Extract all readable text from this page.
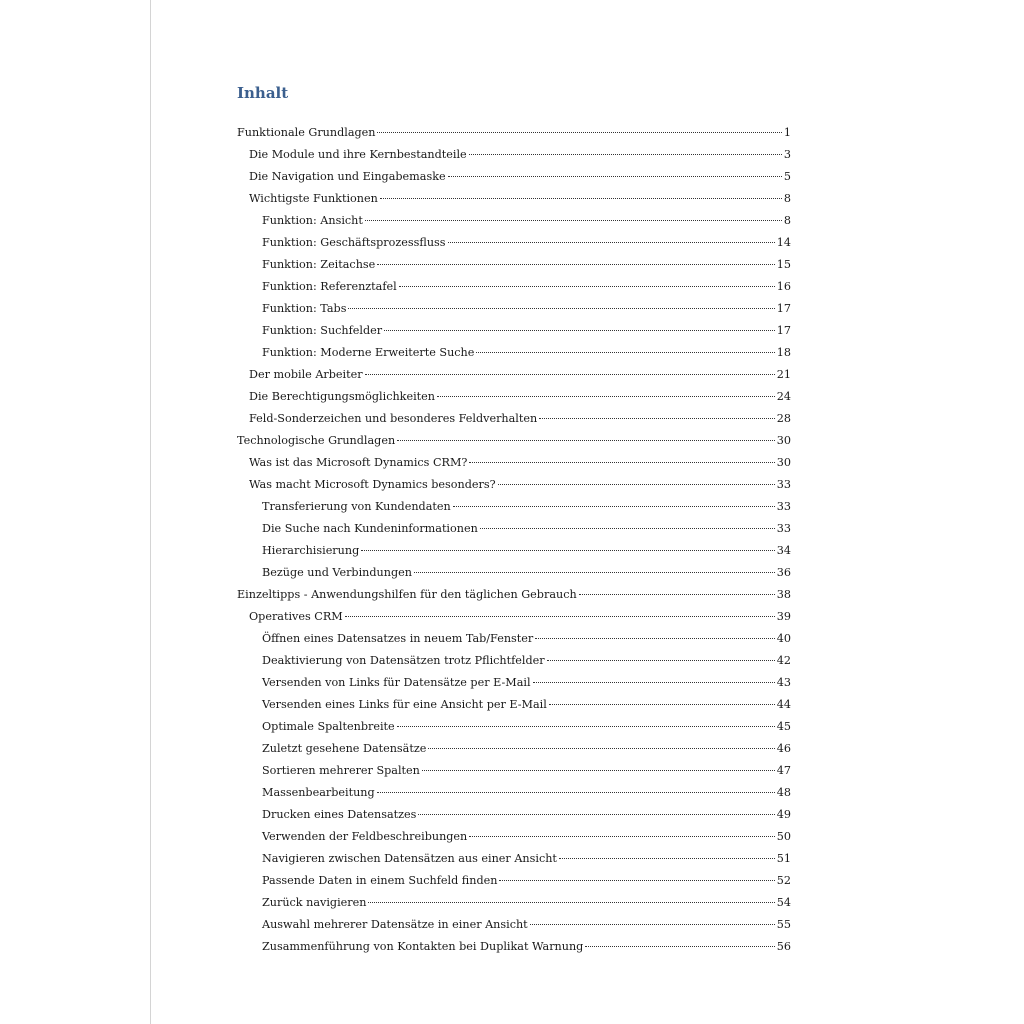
Inhalt
Funktionale Grundlagen	1
Die Module und ihre Kernbestandteile	3
Die Navigation und Eingabemaske	5
Wichtigste Funktionen	8
Funktion: Ansicht	8
Funktion: Geschäftsprozessfluss	14
Funktion: Zeitachse	15
Funktion: Referenztafel	16
Funktion: Tabs	17
Funktion: Suchfelder	17
Funktion: Moderne Erweiterte Suche	18
Der mobile Arbeiter	21
Die Berechtigungsmöglichkeiten	24
Feld-Sonderzeichen und besonderes Feldverhalten	28
Technologische Grundlagen	30
Was ist das Microsoft Dynamics CRM?	30
Was macht Microsoft Dynamics besonders?	33
Transferierung von Kundendaten	33
Die Suche nach Kundeninformationen	33
Hierarchisierung	34
Bezüge und Verbindungen	36
Einzeltipps - Anwendungshilfen für den täglichen Gebrauch	38
Operatives CRM	39
Öffnen eines Datensatzes in neuem Tab/Fenster	40
Deaktivierung von Datensätzen trotz Pflichtfelder	42
Versenden von Links für Datensätze per E-Mail	43
Versenden eines Links für eine Ansicht per E-Mail	44
Optimale Spaltenbreite	45
Zuletzt gesehene Datensätze	46
Sortieren mehrerer Spalten	47
Massenbearbeitung	48
Drucken eines Datensatzes	49
Verwenden der Feldbeschreibungen	50
Navigieren zwischen Datensätzen aus einer Ansicht	51
Passende Daten in einem Suchfeld finden	52
Zurück navigieren	54
Auswahl mehrerer Datensätze in einer Ansicht	55
Zusammenführung von Kontakten bei Duplikat Warnung	56
